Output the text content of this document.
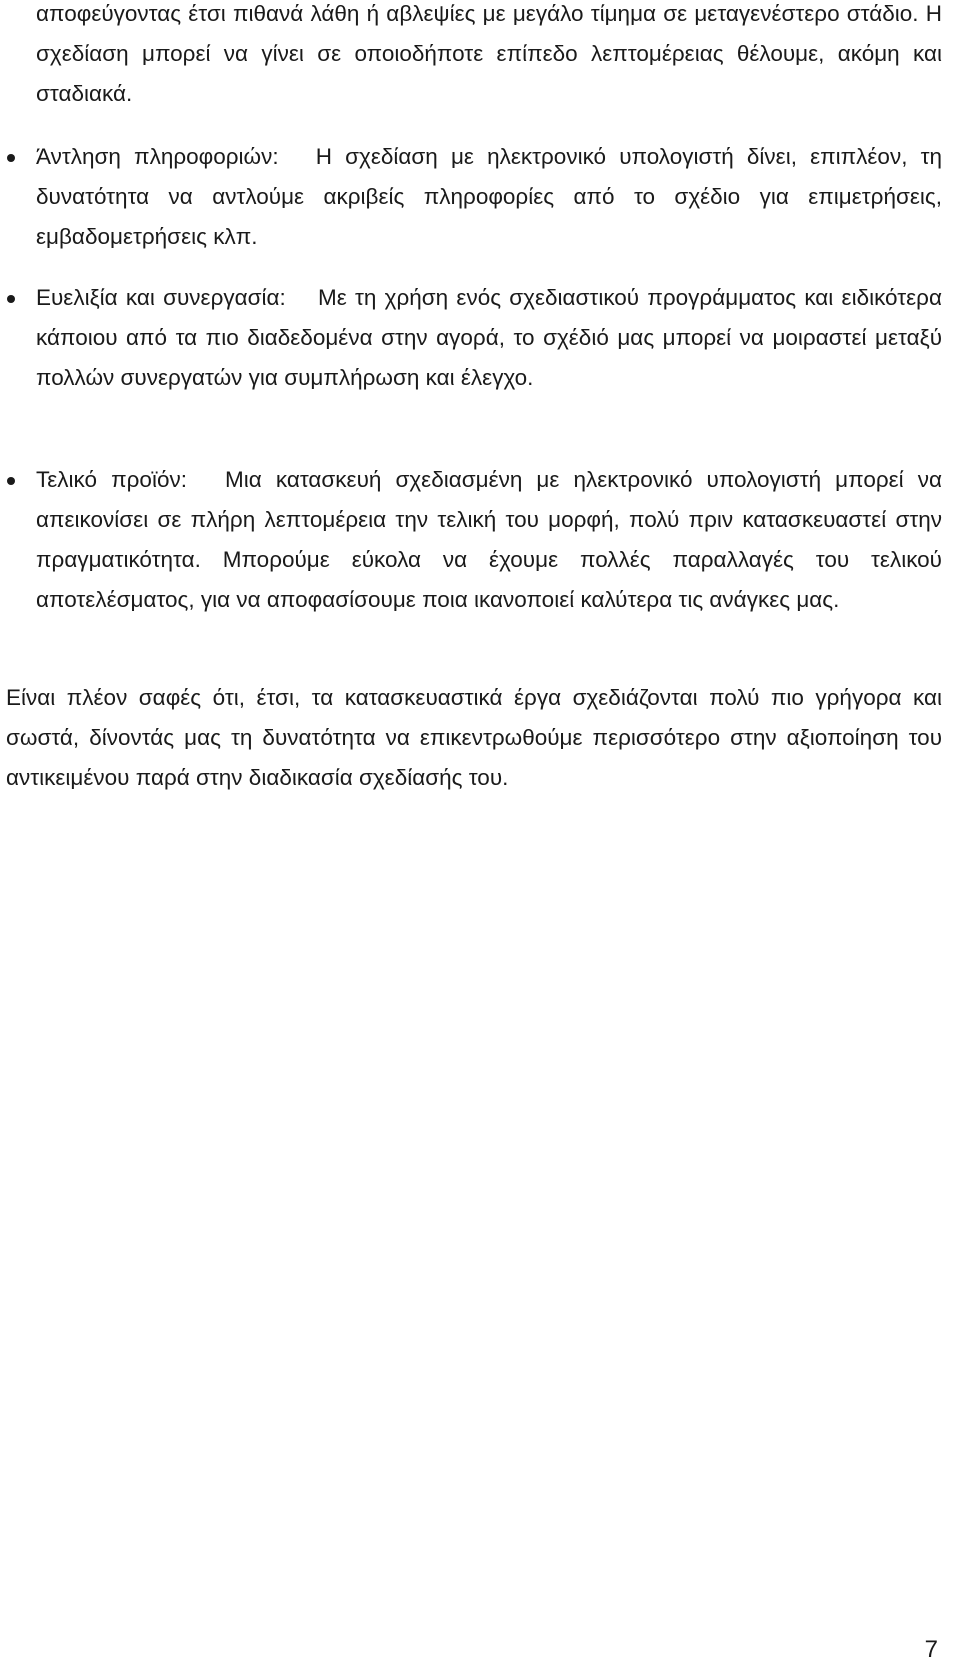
αποφεύγοντας έτσι πιθανά λάθη ή αβλεψίες με μεγάλο τίμημα σε μεταγενέστερο στάδιο. Η σχεδίαση μπορεί να γίνει σε οποιοδήποτε επίπεδο λεπτομέρειας θέλουμε, ακόμη και σταδιακά.
Άντληση πληροφοριών: Η σχεδίαση με ηλεκτρονικό υπολογιστή δίνει, επιπλέον, τη δυνατότητα να αντλούμε ακριβείς πληροφορίες από το σχέδιο για επιμετρήσεις, εμβαδομετρήσεις κλπ.
Ευελιξία και συνεργασία: Με τη χρήση ενός σχεδιαστικού προγράμματος και ειδικότερα κάποιου από τα πιο διαδεδομένα στην αγορά, το σχέδιό μας μπορεί να μοιραστεί μεταξύ πολλών συνεργατών για συμπλήρωση και έλεγχο.
Τελικό προϊόν: Μια κατασκευή σχεδιασμένη με ηλεκτρονικό υπολογιστή μπορεί να απεικονίσει σε πλήρη λεπτομέρεια την τελική του μορφή, πολύ πριν κατασκευαστεί στην πραγματικότητα. Μπορούμε εύκολα να έχουμε πολλές παραλλαγές του τελικού αποτελέσματος, για να αποφασίσουμε ποια ικανοποιεί καλύτερα τις ανάγκες μας.
Είναι πλέον σαφές ότι, έτσι, τα κατασκευαστικά έργα σχεδιάζονται πολύ πιο γρήγορα και σωστά, δίνοντάς μας τη δυνατότητα να επικεντρωθούμε περισσότερο στην αξιοποίηση του αντικειμένου παρά στην διαδικασία σχεδίασής του.
7
